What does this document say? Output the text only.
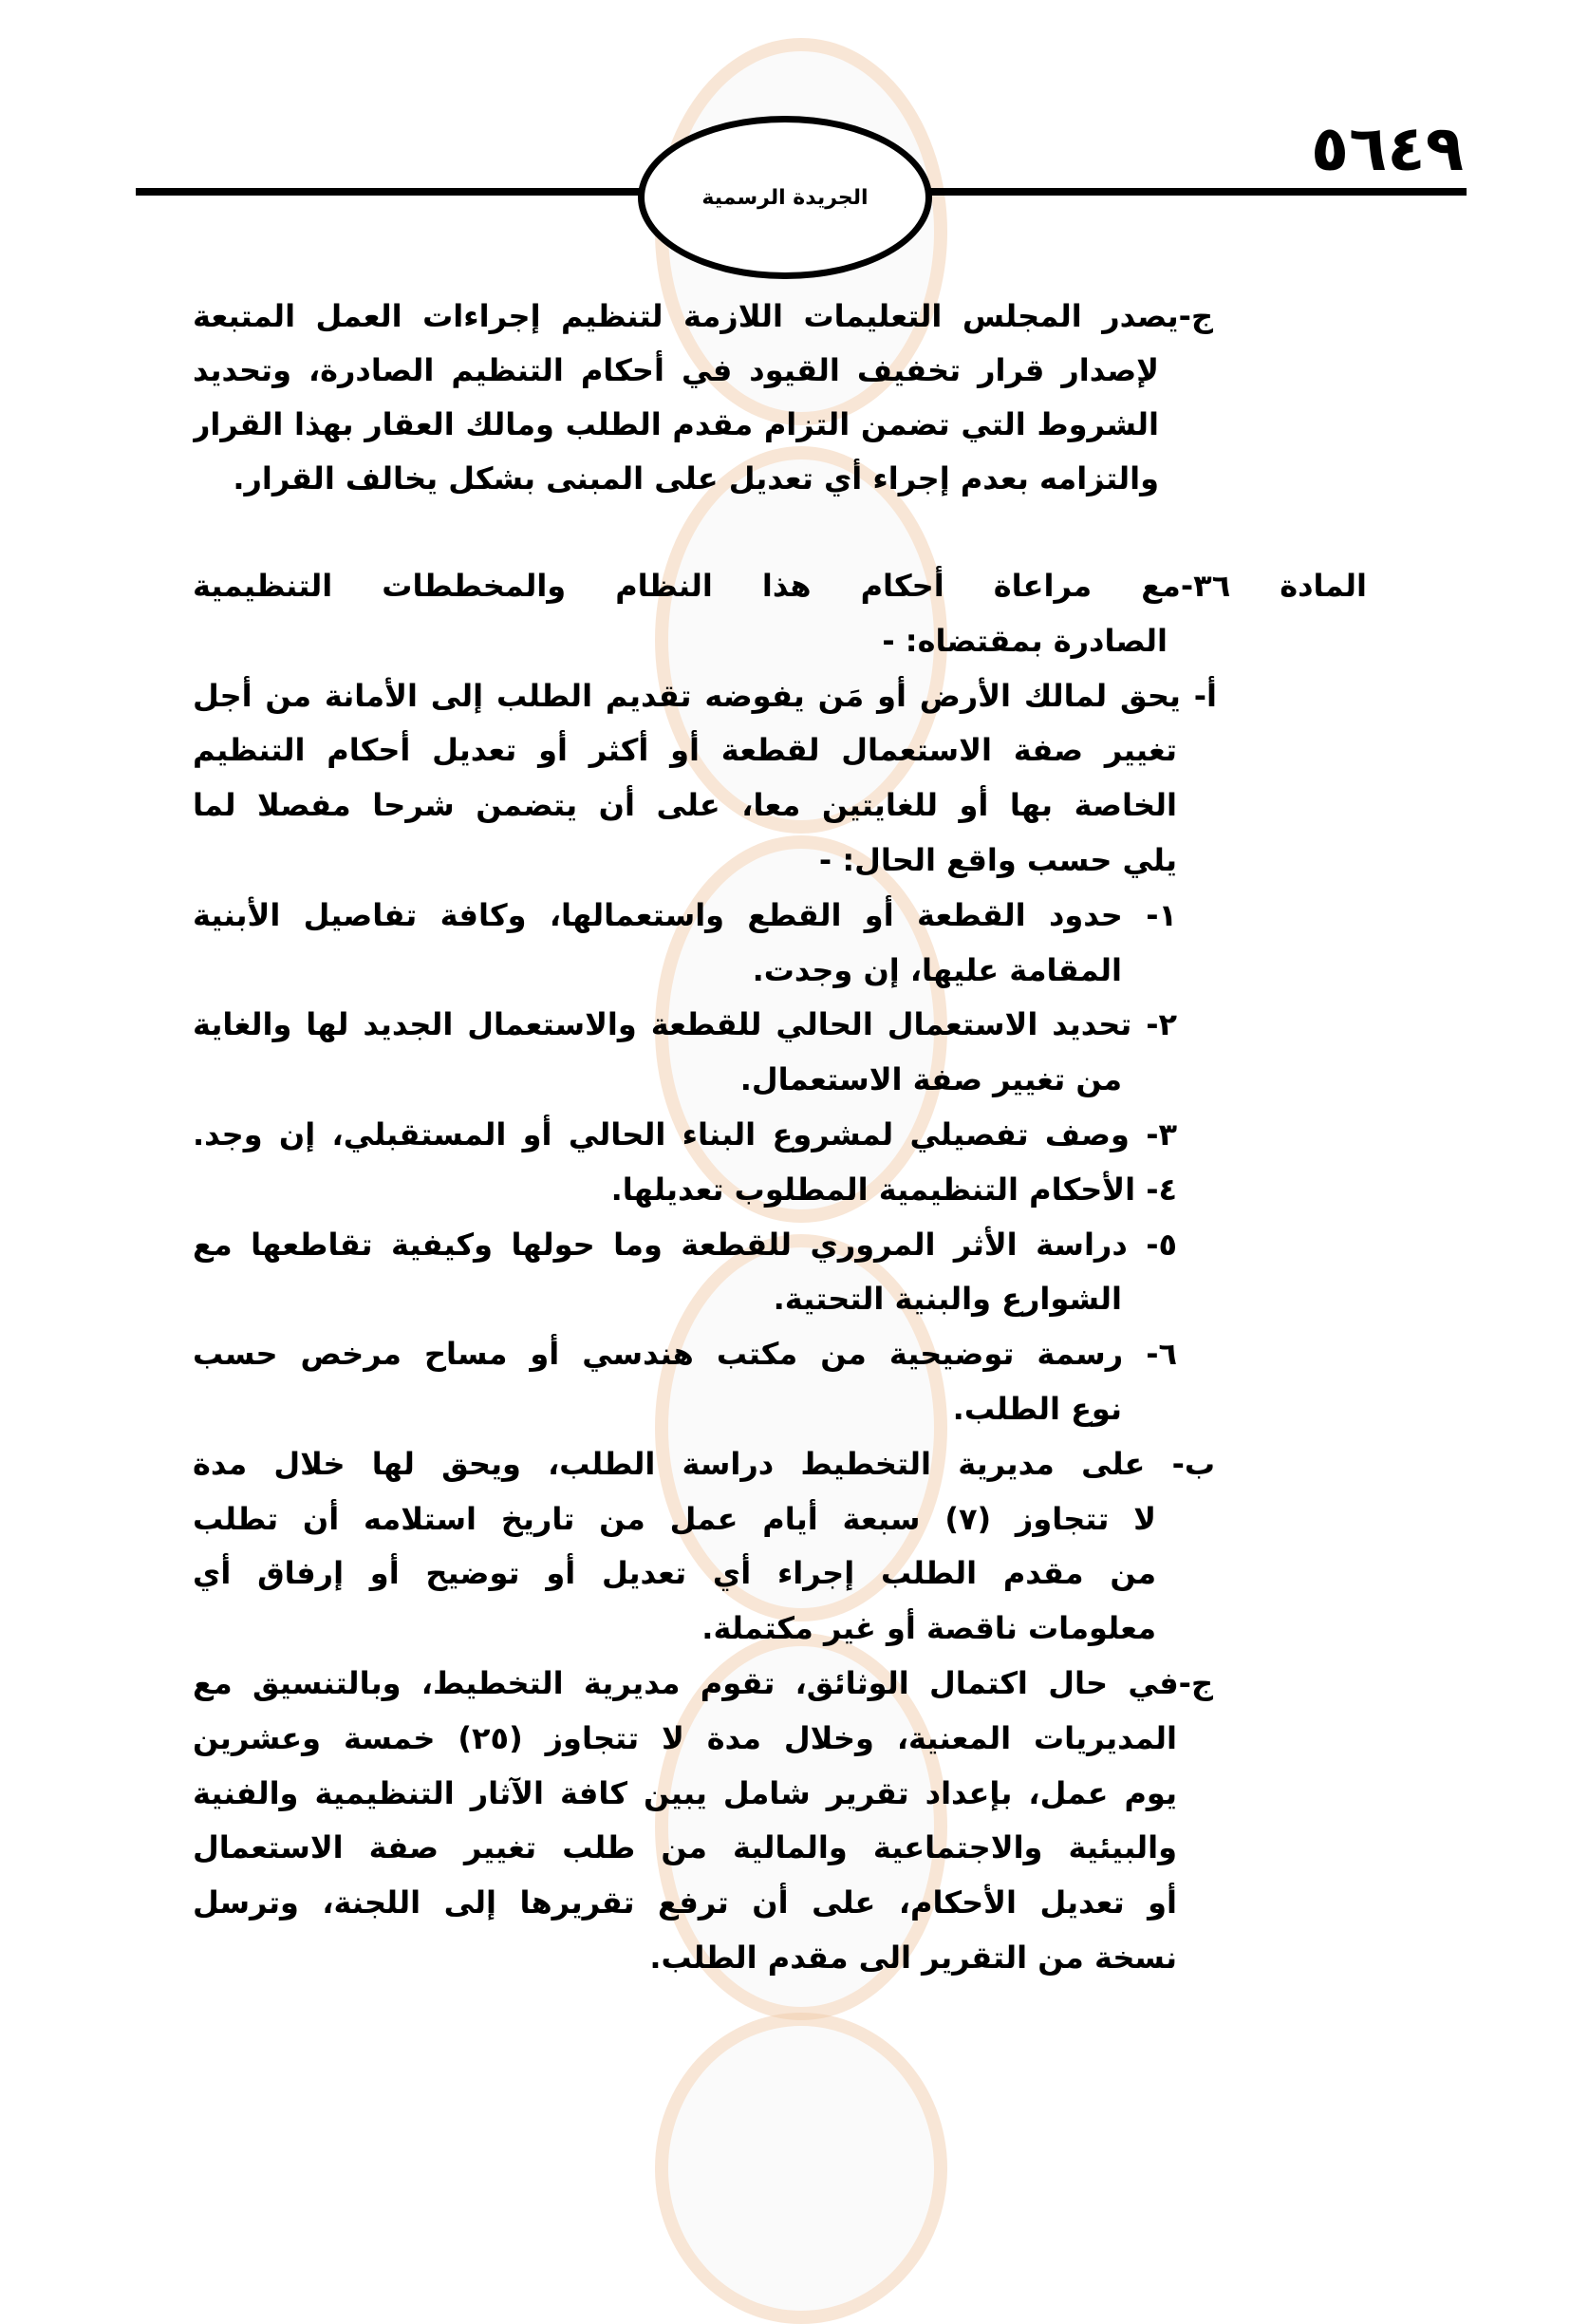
٥٦٤٩
الجريدة الرسمية
ج-يصدر المجلس التعليمات اللازمة لتنظيم إجراءات العمل المتبعة
لإصدار قرار تخفيف القيود في أحكام التنظيم الصادرة، وتحديد
الشروط التي تضمن التزام مقدم الطلب ومالك العقار بهذا القرار
والتزامه بعدم إجراء أي تعديل على المبنى بشكل يخالف القرار.
المادة ٣٦-مع مراعاة أحكام هذا النظام والمخططات التنظيمية
الصادرة بمقتضاه: -
أ- يحق لمالك الأرض أو مَن يفوضه تقديم الطلب إلى الأمانة من أجل
تغيير صفة الاستعمال لقطعة أو أكثر أو تعديل أحكام التنظيم
الخاصة بها أو للغايتين معا، على أن يتضمن شرحا مفصلا لما
يلي حسب واقع الحال: -
١- حدود القطعة أو القطع واستعمالها، وكافة تفاصيل الأبنية
المقامة عليها، إن وجدت.
٢- تحديد الاستعمال الحالي للقطعة والاستعمال الجديد لها والغاية
من تغيير صفة الاستعمال.
٣- وصف تفصيلي لمشروع البناء الحالي أو المستقبلي، إن وجد.
٤- الأحكام التنظيمية المطلوب تعديلها.
٥- دراسة الأثر المروري للقطعة وما حولها وكيفية تقاطعها مع
الشوارع والبنية التحتية.
٦- رسمة توضيحية من مكتب هندسي أو مساح مرخص حسب
نوع الطلب.
ب- على مديرية التخطيط دراسة الطلب، ويحق لها خلال مدة
لا تتجاوز (٧) سبعة أيام عمل من تاريخ استلامه أن تطلب
من مقدم الطلب إجراء أي تعديل أو توضيح أو إرفاق أي
معلومات ناقصة أو غير مكتملة.
ج-في حال اكتمال الوثائق، تقوم مديرية التخطيط، وبالتنسيق مع
المديريات المعنية، وخلال مدة لا تتجاوز (٢٥) خمسة وعشرين
يوم عمل، بإعداد تقرير شامل يبين كافة الآثار التنظيمية والفنية
والبيئية والاجتماعية والمالية من طلب تغيير صفة الاستعمال
أو تعديل الأحكام، على أن ترفع تقريرها إلى اللجنة، وترسل
نسخة من التقرير الى مقدم الطلب.
